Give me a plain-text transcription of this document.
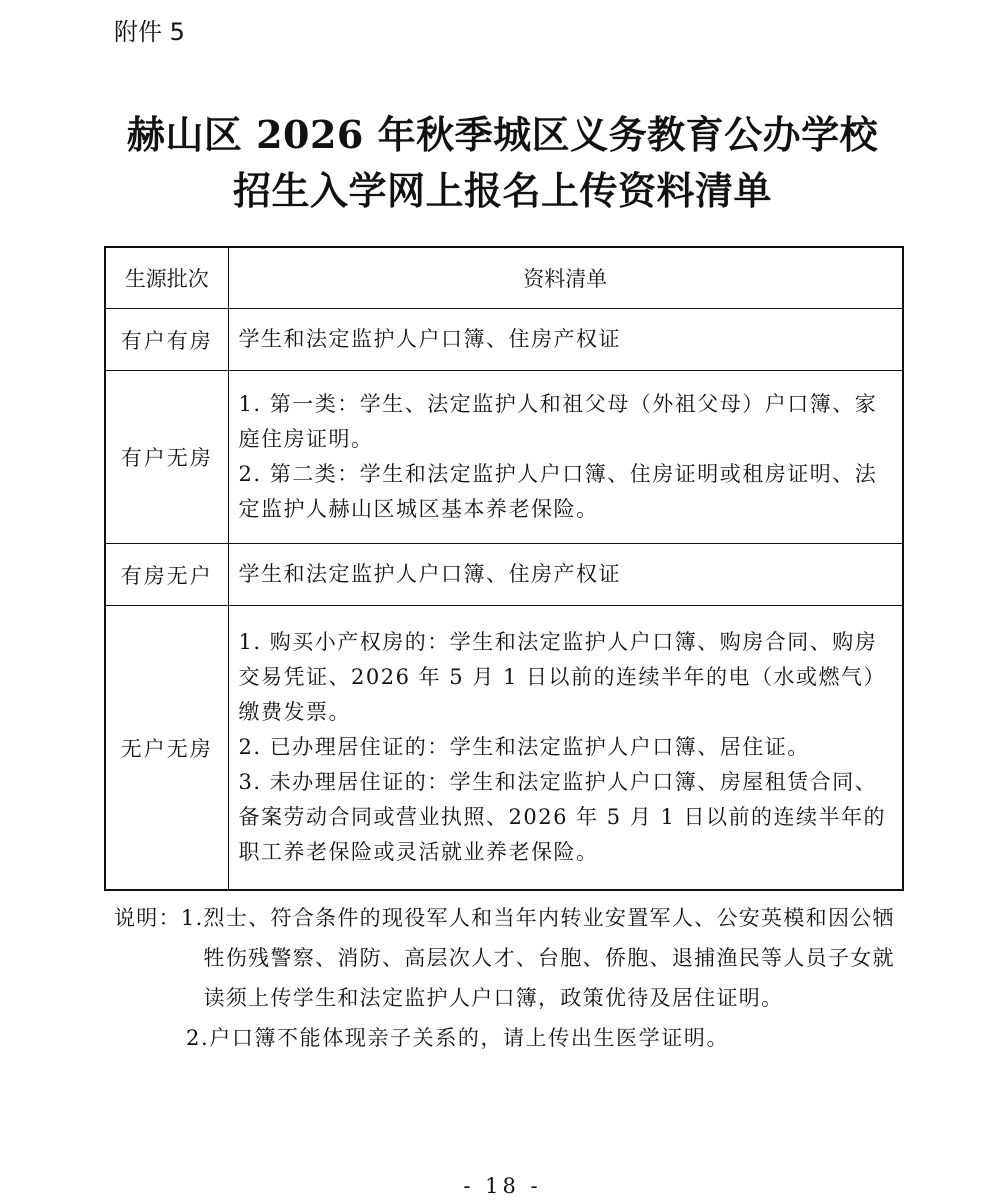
附件 5
赫山区 2026 年秋季城区义务教育公办学校
招生入学网上报名上传资料清单
生源批次	资料清单
有户有房	学生和法定监护人户口簿、住房产权证

有户无房	1. 第一类：学生、法定监护人和祖父母（外祖父母）户口簿、家庭住房证明。

2. 第二类：学生和法定监护人户口簿、住房证明或租房证明、法定监护人赫山区城区基本养老保险。

有房无户	学生和法定监护人户口簿、住房产权证

无户无房	1. 购买小产权房的：学生和法定监护人户口簿、购房合同、购房交易凭证、2026 年 5 月 1 日以前的连续半年的电（水或燃气）缴费发票。

2. 已办理居住证的：学生和法定监护人户口簿、居住证。

3. 未办理居住证的：学生和法定监护人户口簿、房屋租赁合同、备案劳动合同或营业执照、2026 年 5 月 1 日以前的连续半年的职工养老保险或灵活就业养老保险。

说明： 1. 烈士、符合条件的现役军人和当年内转业安置军人、公安英模和因公牺牲伤残警察、消防、高层次人才、台胞、侨胞、退捕渔民等人员子女就读须上传学生和法定监护人户口簿，政策优待及居住证明。
2. 户口簿不能体现亲子关系的，请上传出生医学证明。
- 18 -
